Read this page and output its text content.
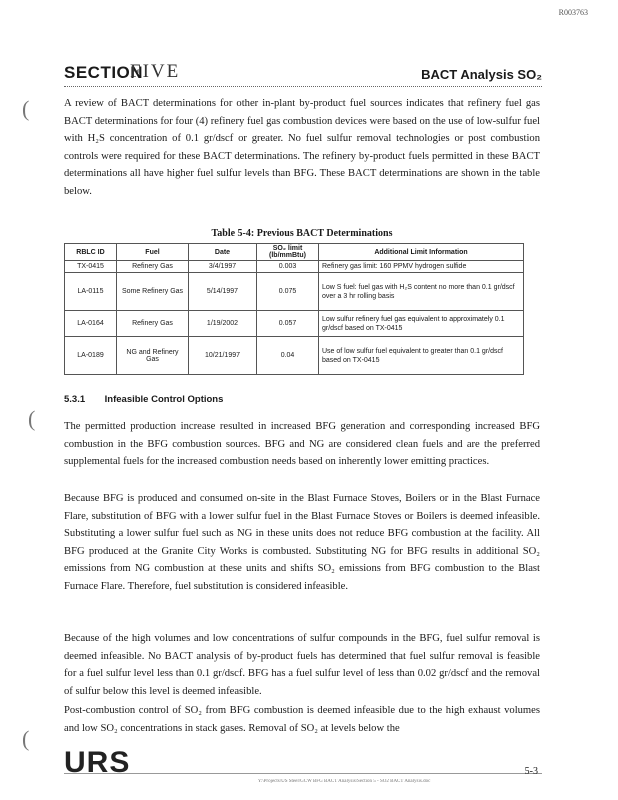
R003763
(
(
(
SECTION
FIVE	BACT Analysis SO₂

A review of BACT determinations for other in-plant by-product fuel sources indicates that refinery fuel gas BACT determinations for four (4) refinery fuel gas combustion devices were based on the use of low-sulfur fuel with H₂S concentration of 0.1 gr/dscf or greater. No fuel sulfur removal technologies or post combustion controls were required for these BACT determinations. The refinery by-product fuels permitted in these BACT determinations all have higher fuel sulfur levels than BFG. These BACT determinations are shown in the table below.

Table 5-4: Previous BACT Determinations
RBLC ID	Fuel	Date	SO₂ limit (lb/mmBtu)	Additional Limit Information
TX-0415	Refinery Gas	3/4/1997	0.003	Refinery gas limit: 160 PPMV hydrogen sulfide
LA-0115	Some Refinery Gas	5/14/1997	0.075	Low S fuel: fuel gas with H₂S content no more than 0.1 gr/dscf over a 3 hr rolling basis
LA-0164	Refinery Gas	1/19/2002	0.057	Low sulfur refinery fuel gas equivalent to approximately 0.1 gr/dscf based on TX-0415
LA-0189	NG and Refinery Gas	10/21/1997	0.04	Use of low sulfur fuel equivalent to greater than 0.1 gr/dscf based on TX-0415
5.3.1 Infeasible Control Options

The permitted production increase resulted in increased BFG generation and corresponding increased BFG combustion in the BFG combustion sources. BFG and NG are considered clean fuels and are the preferred supplemental fuels for the increased combustion needs based on inherently lower emitting practices.

Because BFG is produced and consumed on-site in the Blast Furnace Stoves, Boilers or in the Blast Furnace Flare, substitution of BFG with a lower sulfur fuel in the Blast Furnace Stoves or Boilers is deemed infeasible. Substituting a lower sulfur fuel such as NG in these units does not reduce BFG combustion at the facility. All BFG produced at the Granite City Works is combusted. Substituting NG for BFG results in additional SO₂ emissions from NG combustion at these units and shifts SO₂ emissions from BFG combustion to the Blast Furnace Flare. Therefore, fuel substitution is considered infeasible.

Because of the high volumes and low concentrations of sulfur compounds in the BFG, fuel sulfur removal is deemed infeasible. No BACT analysis of by-product fuels has determined that fuel sulfur removal is feasible for a fuel sulfur level less than 0.1 gr/dscf. BFG has a fuel sulfur level of less than 0.02 gr/dscf and the removal of sulfur below this level is deemed infeasible.

Post-combustion control of SO₂ from BFG combustion is deemed infeasible due to the high exhaust volumes and low SO₂ concentrations in stack gases. Removal of SO₂ at levels below the

URS	5-3
Y:\Projects\US Steel\GCW BFG BACT Analysis\Section 5 - SO2 BACT Analysis.doc
